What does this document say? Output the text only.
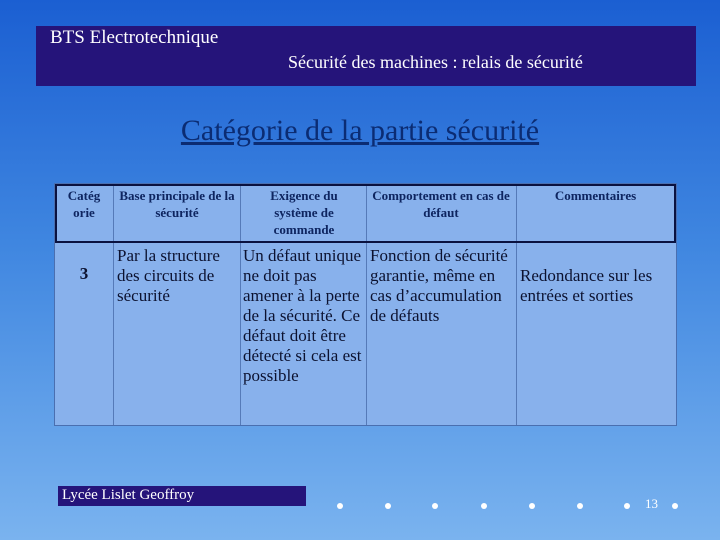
BTS Electrotechnique
Sécurité des machines : relais de sécurité
Catégorie de la partie sécurité
Catég orie
Base principale de la sécurité
Exigence du système de commande
Comportement en cas de défaut
Commentaires
3
Par la structure des circuits de sécurité
Un défaut unique ne doit pas amener à la perte de la sécurité. Ce défaut doit être détecté si cela est possible
Fonction de sécurité garantie, même en cas d’accumulation de défauts
Redondance sur les entrées et sorties
Lycée Lislet Geoffroy
13
